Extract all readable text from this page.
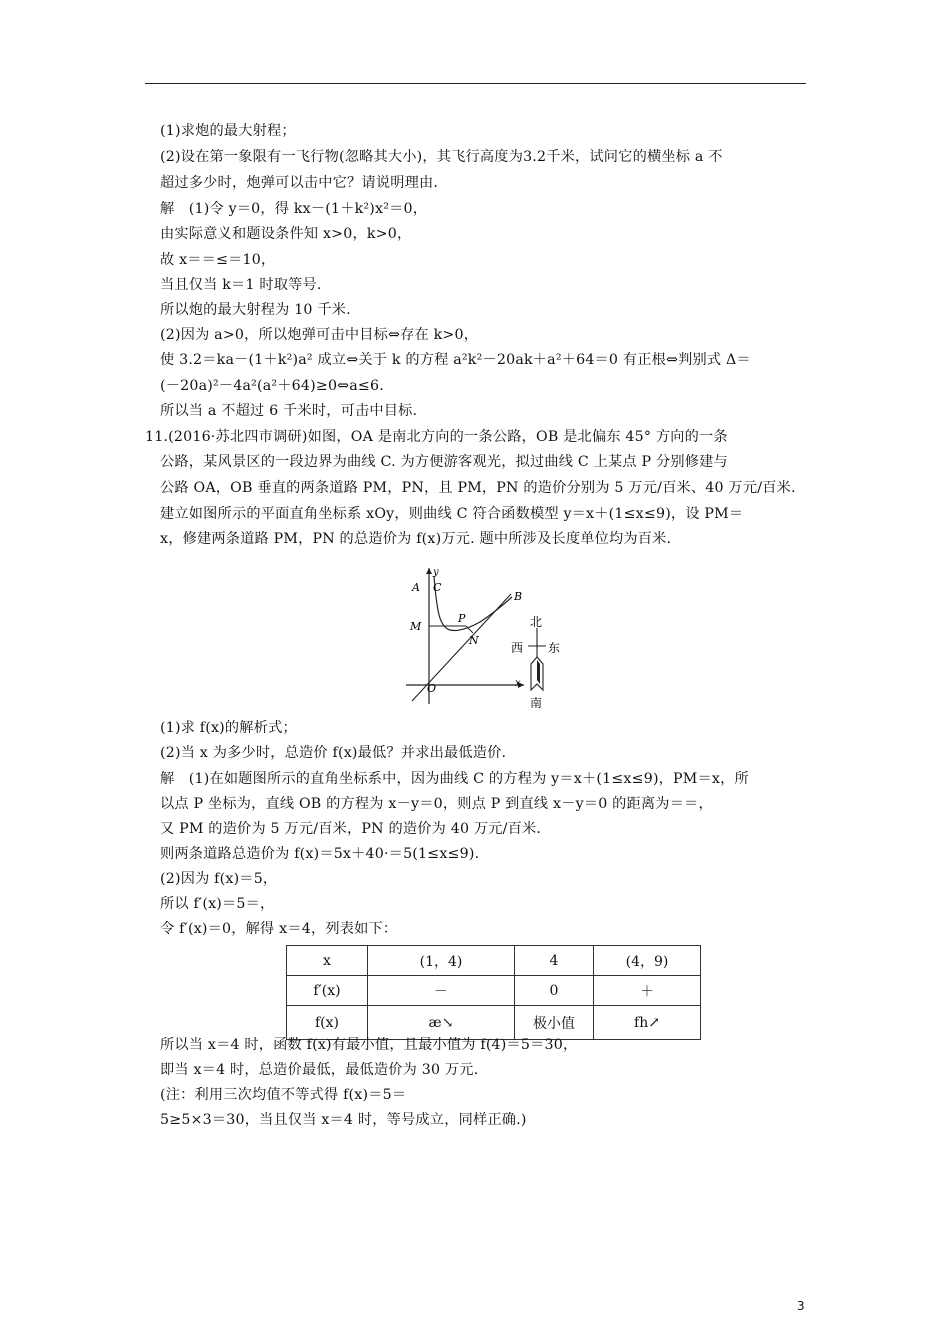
(1)求炮的最大射程；
(2)设在第一象限有一飞行物(忽略其大小)，其飞行高度为3.2千米，试问它的横坐标 a 不
超过多少时，炮弹可以击中它？请说明理由.
解　(1)令 y＝0，得 kx－(1＋k²)x²＝0，
由实际意义和题设条件知 x>0，k>0，
故 x＝＝≤＝10，
当且仅当 k＝1 时取等号.
所以炮的最大射程为 10 千米.
(2)因为 a>0，所以炮弹可击中目标⇔存在 k>0，
使 3.2＝ka－(1＋k²)a² 成立⇔关于 k 的方程 a²k²－20ak＋a²＋64＝0 有正根⇔判别式 Δ＝
(－20a)²－4a²(a²＋64)≥0⇔a≤6.
所以当 a 不超过 6 千米时，可击中目标.
11.(2016·苏北四市调研)如图，OA 是南北方向的一条公路，OB 是北偏东 45° 方向的一条
公路，某风景区的一段边界为曲线 C. 为方便游客观光，拟过曲线 C 上某点 P 分别修建与
公路 OA，OB 垂直的两条道路 PM，PN，且 PM，PN 的造价分别为 5 万元/百米、40 万元/百米.
建立如图所示的平面直角坐标系 xOy，则曲线 C 符合函数模型 y＝x＋(1≤x≤9)，设 PM＝
x，修建两条道路 PM，PN 的总造价为 f(x)万元. 题中所涉及长度单位均为百米.
y
x
O
A
B
C
M
P
N
北
西 东
南
(1)求 f(x)的解析式；
(2)当 x 为多少时，总造价 f(x)最低？并求出最低造价.
解　(1)在如题图所示的直角坐标系中，因为曲线 C 的方程为 y＝x＋(1≤x≤9)，PM＝x，所
以点 P 坐标为，直线 OB 的方程为 x－y＝0，则点 P 到直线 x－y＝0 的距离为＝＝，
又 PM 的造价为 5 万元/百米，PN 的造价为 40 万元/百米.
则两条道路总造价为 f(x)＝5x＋40·＝5(1≤x≤9).
(2)因为 f(x)＝5，
所以 f′(x)＝5＝，
令 f′(x)＝0，解得 x＝4，列表如下：
x	(1，4)	4	(4，9)
f′(x)	－	0	＋
f(x)	æ↘	极小值	fh↗
所以当 x＝4 时，函数 f(x)有最小值，且最小值为 f(4)＝5＝30，
即当 x＝4 时，总造价最低，最低造价为 30 万元.
(注：利用三次均值不等式得 f(x)＝5＝
5≥5×3＝30，当且仅当 x＝4 时，等号成立，同样正确.)
3
